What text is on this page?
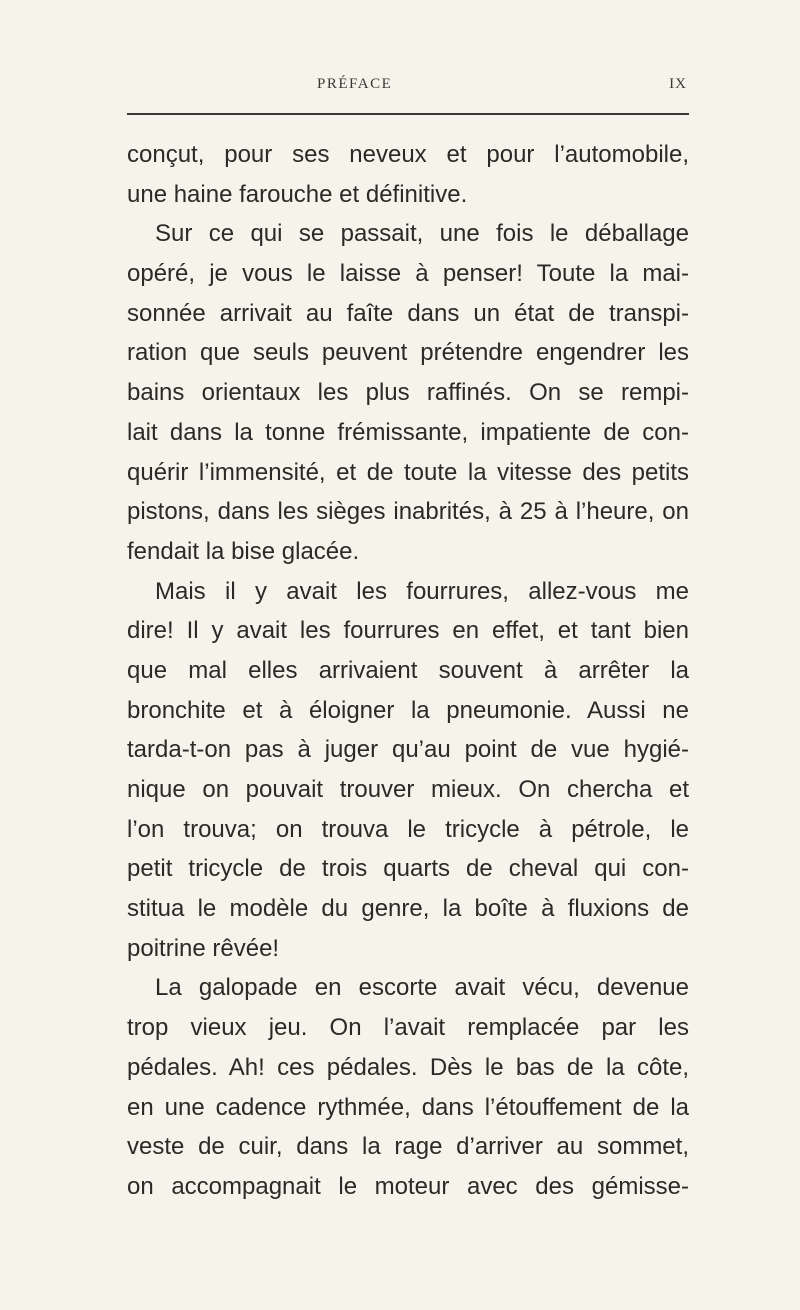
PRÉFACE	IX
conçut, pour ses neveux et pour l’automobile,
une haine farouche et définitive.
Sur ce qui se passait, une fois le déballage
opéré, je vous le laisse à penser! Toute la mai-
sonnée arrivait au faîte dans un état de transpi-
ration que seuls peuvent prétendre engendrer les
bains orientaux les plus raffinés. On se rempi-
lait dans la tonne frémissante, impatiente de con-
quérir l’immensité, et de toute la vitesse des petits
pistons, dans les sièges inabrités, à 25 à l’heure, on
fendait la bise glacée.
Mais il y avait les fourrures, allez-vous me
dire! Il y avait les fourrures en effet, et tant bien
que mal elles arrivaient souvent à arrêter la
bronchite et à éloigner la pneumonie. Aussi ne
tarda-t-on pas à juger qu’au point de vue hygié-
nique on pouvait trouver mieux. On chercha et
l’on trouva; on trouva le tricycle à pétrole, le
petit tricycle de trois quarts de cheval qui con-
stitua le modèle du genre, la boîte à fluxions de
poitrine rêvée!
La galopade en escorte avait vécu, devenue
trop vieux jeu. On l’avait remplacée par les
pédales. Ah! ces pédales. Dès le bas de la côte,
en une cadence rythmée, dans l’étouffement de la
veste de cuir, dans la rage d’arriver au sommet,
on accompagnait le moteur avec des gémisse-
